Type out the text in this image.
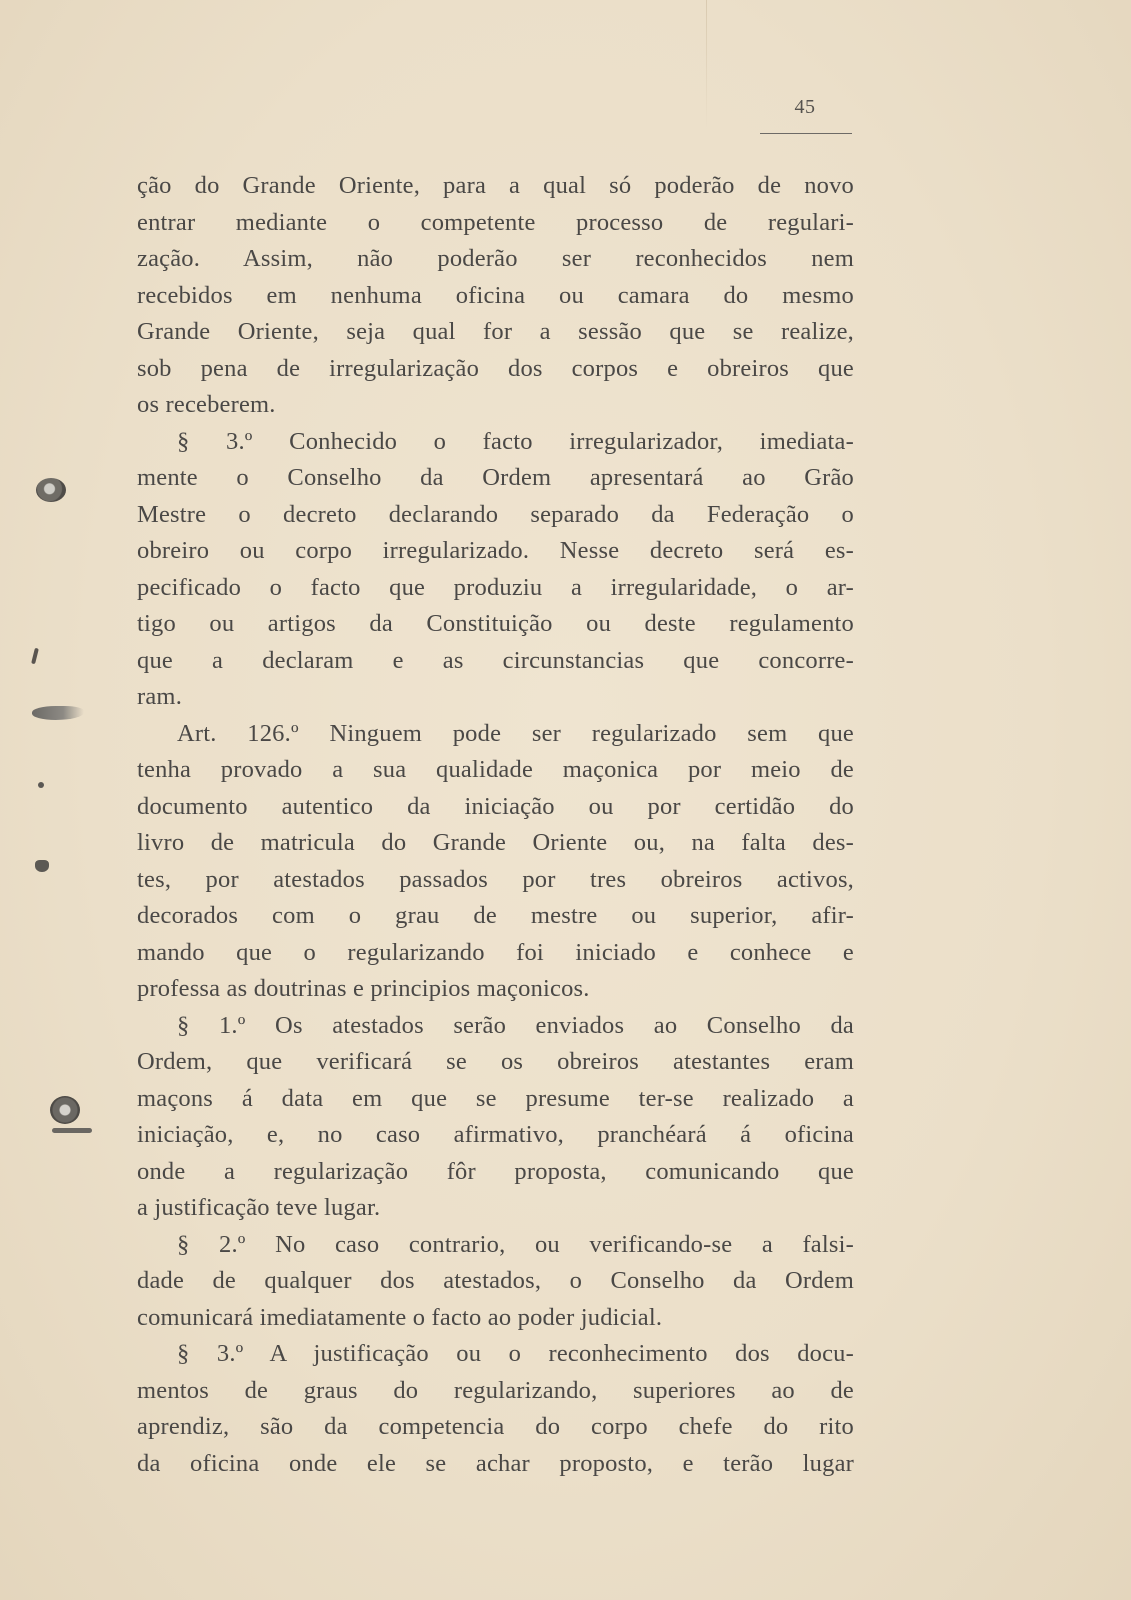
45
ção do Grande Oriente, para a qual só poderão de novo
entrar mediante o competente processo de regulari-
zação. Assim, não poderão ser reconhecidos nem
recebidos em nenhuma oficina ou camara do mesmo
Grande Oriente, seja qual for a sessão que se realize,
sob pena de irregularização dos corpos e obreiros que
os receberem.
§ 3.º Conhecido o facto irregularizador, imediata-
mente o Conselho da Ordem apresentará ao Grão
Mestre o decreto declarando separado da Federação o
obreiro ou corpo irregularizado. Nesse decreto será es-
pecificado o facto que produziu a irregularidade, o ar-
tigo ou artigos da Constituição ou deste regulamento
que a declaram e as circunstancias que concorre-
ram.
Art. 126.º Ninguem pode ser regularizado sem que
tenha provado a sua qualidade maçonica por meio de
documento autentico da iniciação ou por certidão do
livro de matricula do Grande Oriente ou, na falta des-
tes, por atestados passados por tres obreiros activos,
decorados com o grau de mestre ou superior, afir-
mando que o regularizando foi iniciado e conhece e
professa as doutrinas e principios maçonicos.
§ 1.º Os atestados serão enviados ao Conselho da
Ordem, que verificará se os obreiros atestantes eram
maçons á data em que se presume ter-se realizado a
iniciação, e, no caso afirmativo, pranchéará á oficina
onde a regularização fôr proposta, comunicando que
a justificação teve lugar.
§ 2.º No caso contrario, ou verificando-se a falsi-
dade de qualquer dos atestados, o Conselho da Ordem
comunicará imediatamente o facto ao poder judicial.
§ 3.º A justificação ou o reconhecimento dos docu-
mentos de graus do regularizando, superiores ao de
aprendiz, são da competencia do corpo chefe do rito
da oficina onde ele se achar proposto, e terão lugar
